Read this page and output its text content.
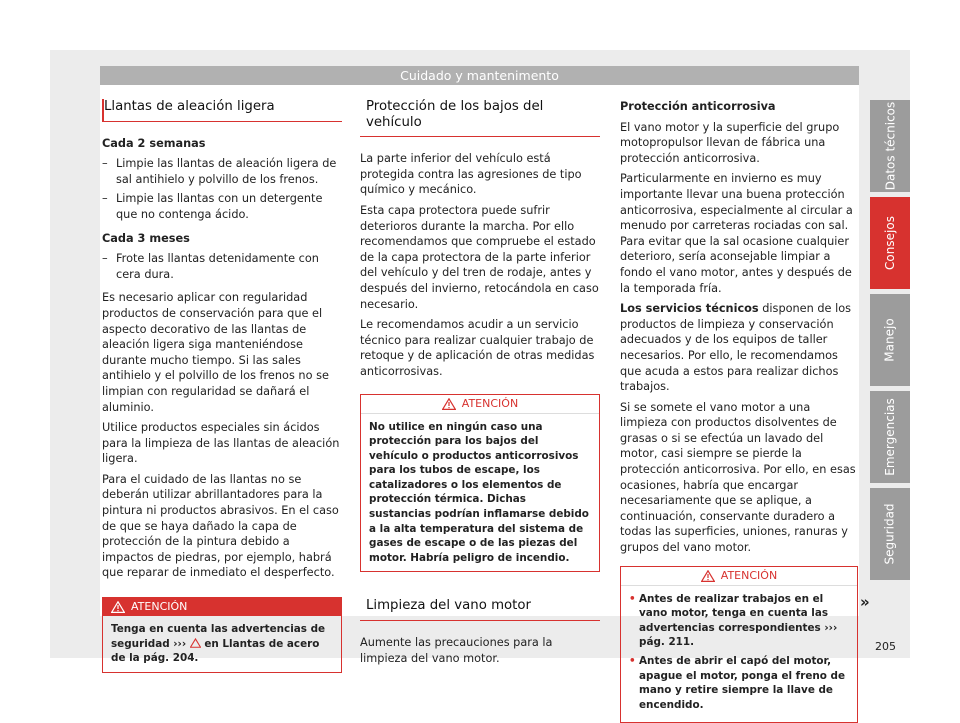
Cuidado y mantenimento
Llantas de aleación ligera

Cada 2 semanas

– Limpie las llantas de aleación ligera de sal antihielo y polvillo de los frenos.
– Limpie las llantas con un detergente que no contenga ácido.

Cada 3 meses

– Frote las llantas detenidamente con cera dura.

Es necesario aplicar con regularidad productos de conservación para que el aspecto decorativo de las llantas de aleación ligera siga manteniéndose durante mucho tiempo. Si las sales antihielo y el polvillo de los frenos no se limpian con regularidad se dañará el aluminio.

Utilice productos especiales sin ácidos para la limpieza de las llantas de aleación ligera.

Para el cuidado de las llantas no se deberán utilizar abrillantadores para la pintura ni productos abrasivos. En el caso de que se haya dañado la capa de protección de la pintura debido a impactos de piedras, por ejemplo, habrá que reparar de inmediato el desperfecto.

ATENCIÓN
Tenga en cuenta las advertencias de seguridad ››› en Llantas de acero de la pág. 204.
Protección de los bajos del vehículo

La parte inferior del vehículo está protegida contra las agresiones de tipo químico y mecánico.

Esta capa protectora puede sufrir deterioros durante la marcha. Por ello recomendamos que compruebe el estado de la capa protectora de la parte inferior del vehículo y del tren de rodaje, antes y después del invierno, retocándola en caso necesario.

Le recomendamos acudir a un servicio técnico para realizar cualquier trabajo de retoque y de aplicación de otras medidas anticorrosivas.

ATENCIÓN
No utilice en ningún caso una protección para los bajos del vehículo o productos anticorrosivos para los tubos de escape, los catalizadores o los elementos de protección térmica. Dichas sustancias podrían inflamarse debido a la alta temperatura del sistema de gases de escape o de las piezas del motor. Habría peligro de incendio.
Limpieza del vano motor

Aumente las precauciones para la limpieza del vano motor.

Protección anticorrosiva

El vano motor y la superficie del grupo motopropulsor llevan de fábrica una protección anticorrosiva.

Particularmente en invierno es muy importante llevar una buena protección anticorrosiva, especialmente al circular a menudo por carreteras rociadas con sal. Para evitar que la sal ocasione cualquier deterioro, sería aconsejable limpiar a fondo el vano motor, antes y después de la temporada fría.

Los servicios técnicos disponen de los productos de limpieza y conservación adecuados y de los equipos de taller necesarios. Por ello, le recomendamos que acuda a estos para realizar dichos trabajos.

Si se somete el vano motor a una limpieza con productos disolventes de grasas o si se efectúa un lavado del motor, casi siempre se pierde la protección anticorrosiva. Por ello, en esas ocasiones, habría que encargar necesariamente que se aplique, a continuación, conservante duradero a todas las superficies, uniones, ranuras y grupos del vano motor.

ATENCIÓN
• Antes de realizar trabajos en el vano motor, tenga en cuenta las advertencias correspondientes ››› pág. 211.
• Antes de abrir el capó del motor, apague el motor, ponga el freno de mano y retire siempre la llave de encendido.
Datos técnicos
Consejos
Manejo
Emergencias
Seguridad
»
205
